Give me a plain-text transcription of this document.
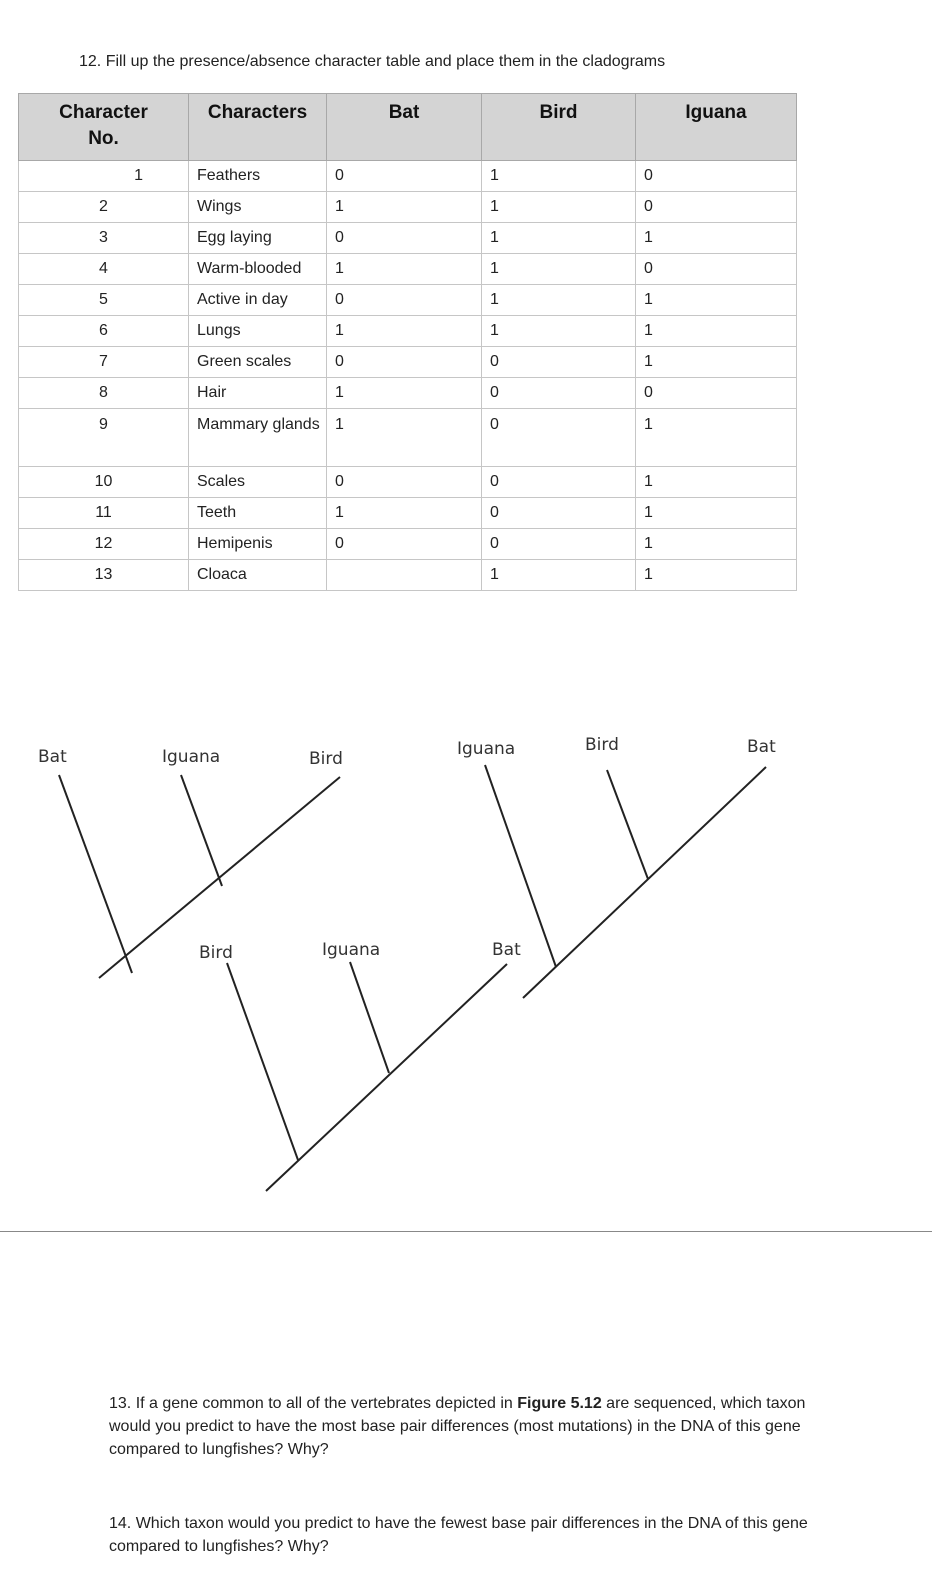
12. Fill up the presence/absence character table and place them in the cladograms
Character No.	Characters	Bat	Bird	Iguana
1	Feathers	0	1	0
2	Wings	1	1	0
3	Egg laying	0	1	1
4	Warm-blooded	1	1	0
5	Active in day	0	1	1
6	Lungs	1	1	1
7	Green scales	0	0	1
8	Hair	1	0	0
9	Mammary glands	1	0	1
10	Scales	0	0	1
11	Teeth	1	0	1
12	Hemipenis	0	0	1
13	Cloaca		1	1
Bat	Iguana	Bird	Iguana	Bird	Bat
Bird	Iguana	Bat
13. If a gene common to all of the vertebrates depicted in Figure 5.12 are sequenced, which taxon would you predict to have the most base pair differences (most mutations) in the DNA of this gene compared to lungfishes? Why?
14. Which taxon would you predict to have the fewest base pair differences in the DNA of this gene compared to lungfishes? Why?
